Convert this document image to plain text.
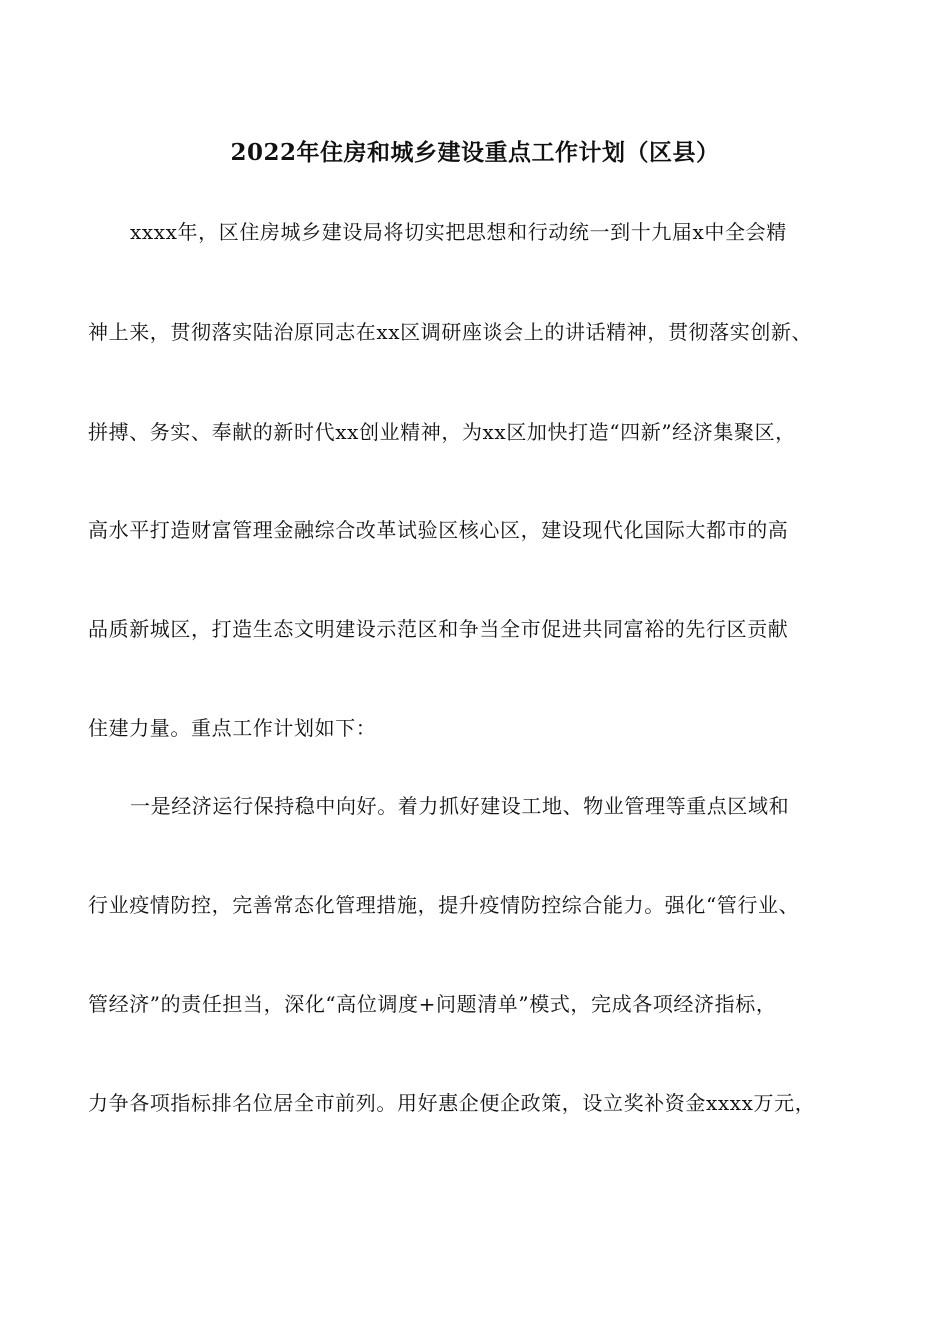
2022年住房和城乡建设重点工作计划（区县）
xxxx年，区住房城乡建设局将切实把思想和行动统一到十九届x中全会精
神上来，贯彻落实陆治原同志在xx区调研座谈会上的讲话精神，贯彻落实创新、
拼搏、务实、奉献的新时代xx创业精神，为xx区加快打造“四新”经济集聚区，
高水平打造财富管理金融综合改革试验区核心区，建设现代化国际大都市的高
品质新城区，打造生态文明建设示范区和争当全市促进共同富裕的先行区贡献
住建力量。重点工作计划如下：
一是经济运行保持稳中向好。着力抓好建设工地、物业管理等重点区域和
行业疫情防控，完善常态化管理措施，提升疫情防控综合能力。强化“管行业、
管经济”的责任担当，深化“高位调度+问题清单”模式，完成各项经济指标，
力争各项指标排名位居全市前列。用好惠企便企政策，设立奖补资金xxxx万元，
